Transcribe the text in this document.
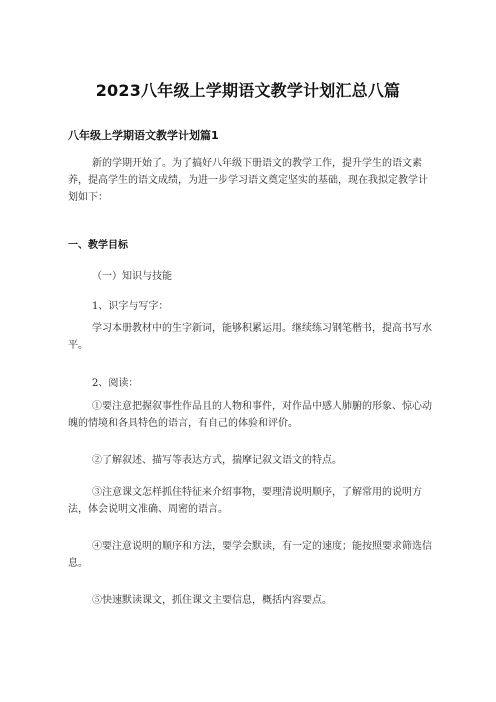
2023八年级上学期语文教学计划汇总八篇
八年级上学期语文教学计划篇1
新的学期开始了。为了搞好八年级下册语文的教学工作，提升学生的语文素养，提高学生的语文成绩，为进一步学习语文奠定坚实的基础，现在我拟定教学计划如下：
一、教学目标
（一）知识与技能
1、识字与写字：
学习本册教材中的生字新词，能够积累运用。继续练习钢笔楷书，提高书写水平。
2、阅读：
①要注意把握叙事性作品且的人物和事件，对作品中感人肺腑的形象、惊心动魄的情境和各具特色的语言，有自己的体验和评价。
②了解叙述、描写等表达方式，揣摩记叙文语文的特点。
③注意课文怎样抓住特征来介绍事物，要理清说明顺序，了解常用的说明方法，体会说明文准确、周密的语言。
④要注意说明的顺序和方法，要学会默读，有一定的速度；能按照要求筛选信息。
⑤快速默读课文，抓住课文主要信息，概括内容要点。
